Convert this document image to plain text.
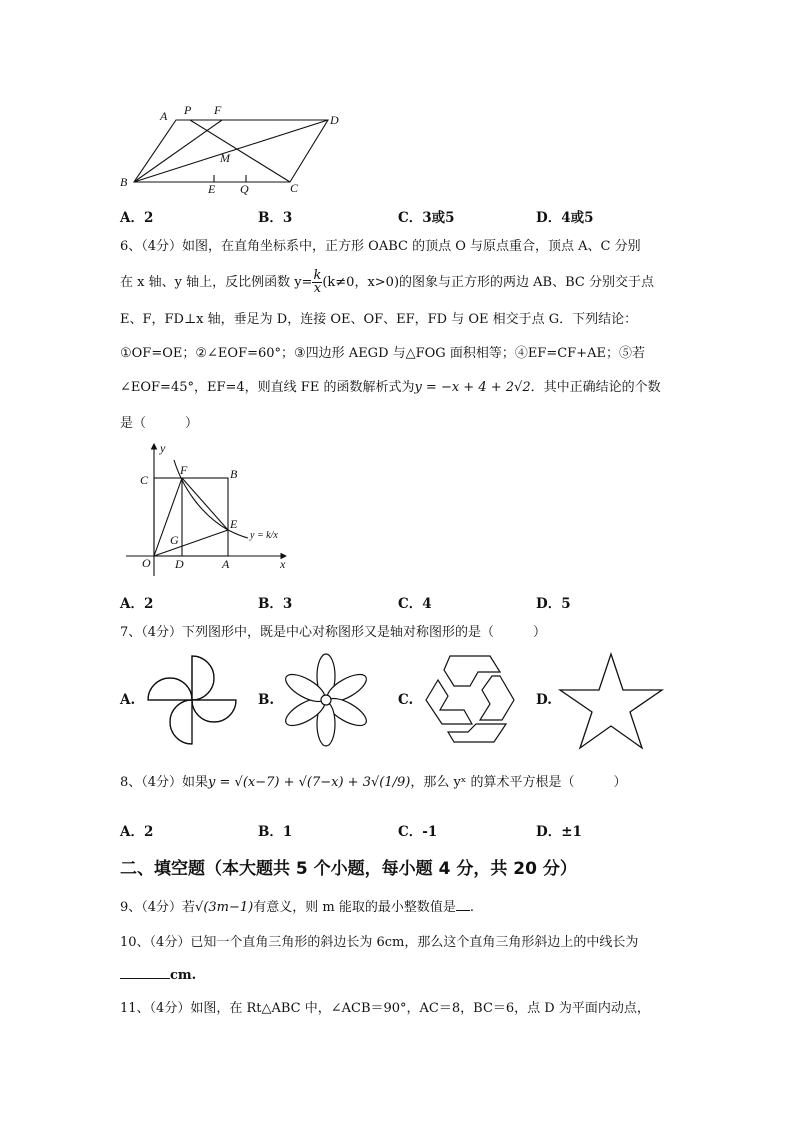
A P F
D
M
B	E Q	C
A．2	B．3	C．3或5	D．4或5
6、（4分）如图，在直角坐标系中，正方形 OABC 的顶点 O 与原点重合，顶点 A、C 分别
在 x 轴、y 轴上，反比例函数 $y= \frac{k}{x} (k\ne 0$，x>0)的图象与正方形的两边 AB、BC 分别交于点
E、F，FD⊥x 轴，垂足为 D，连接 OE、OF、EF，FD 与 OE 相交于点 G．下列结论：
①OF=OE；②∠EOF=60°；③四边形 AEGD 与△FOG 面积相等；④EF=CF+AE；⑤若
∠EOF=45°，EF=4，则直线 FE 的函数解析式为y = −x + 4 + 2√2．其中正确结论的个数
是（　　　）
y
x
C
F	B
E
G
O D	A
y = k/x
A．2	B．3	C．4	D．5
7、（4分）下列图形中，既是中心对称图形又是轴对称图形的是（　　　）
A.	B.	C.	D.
8、（4分）如果y = √(x−7) + √(7−x) + 3√(1/9)，那么 yˣ 的算术平方根是（　　　）
A．2	B．1	C．-1	D．±1
二、填空题（本大题共 5 个小题，每小题 4 分，共 20 分）
9、（4分）若√(3m−1)有意义，则 m 能取的最小整数值是 .
10、（4分）已知一个直角三角形的斜边长为 6cm，那么这个直角三角形斜边上的中线长为
cm.
11、（4分）如图，在 Rt△ABC 中，∠ACB＝90°，AC＝8，BC＝6，点 D 为平面内动点，
